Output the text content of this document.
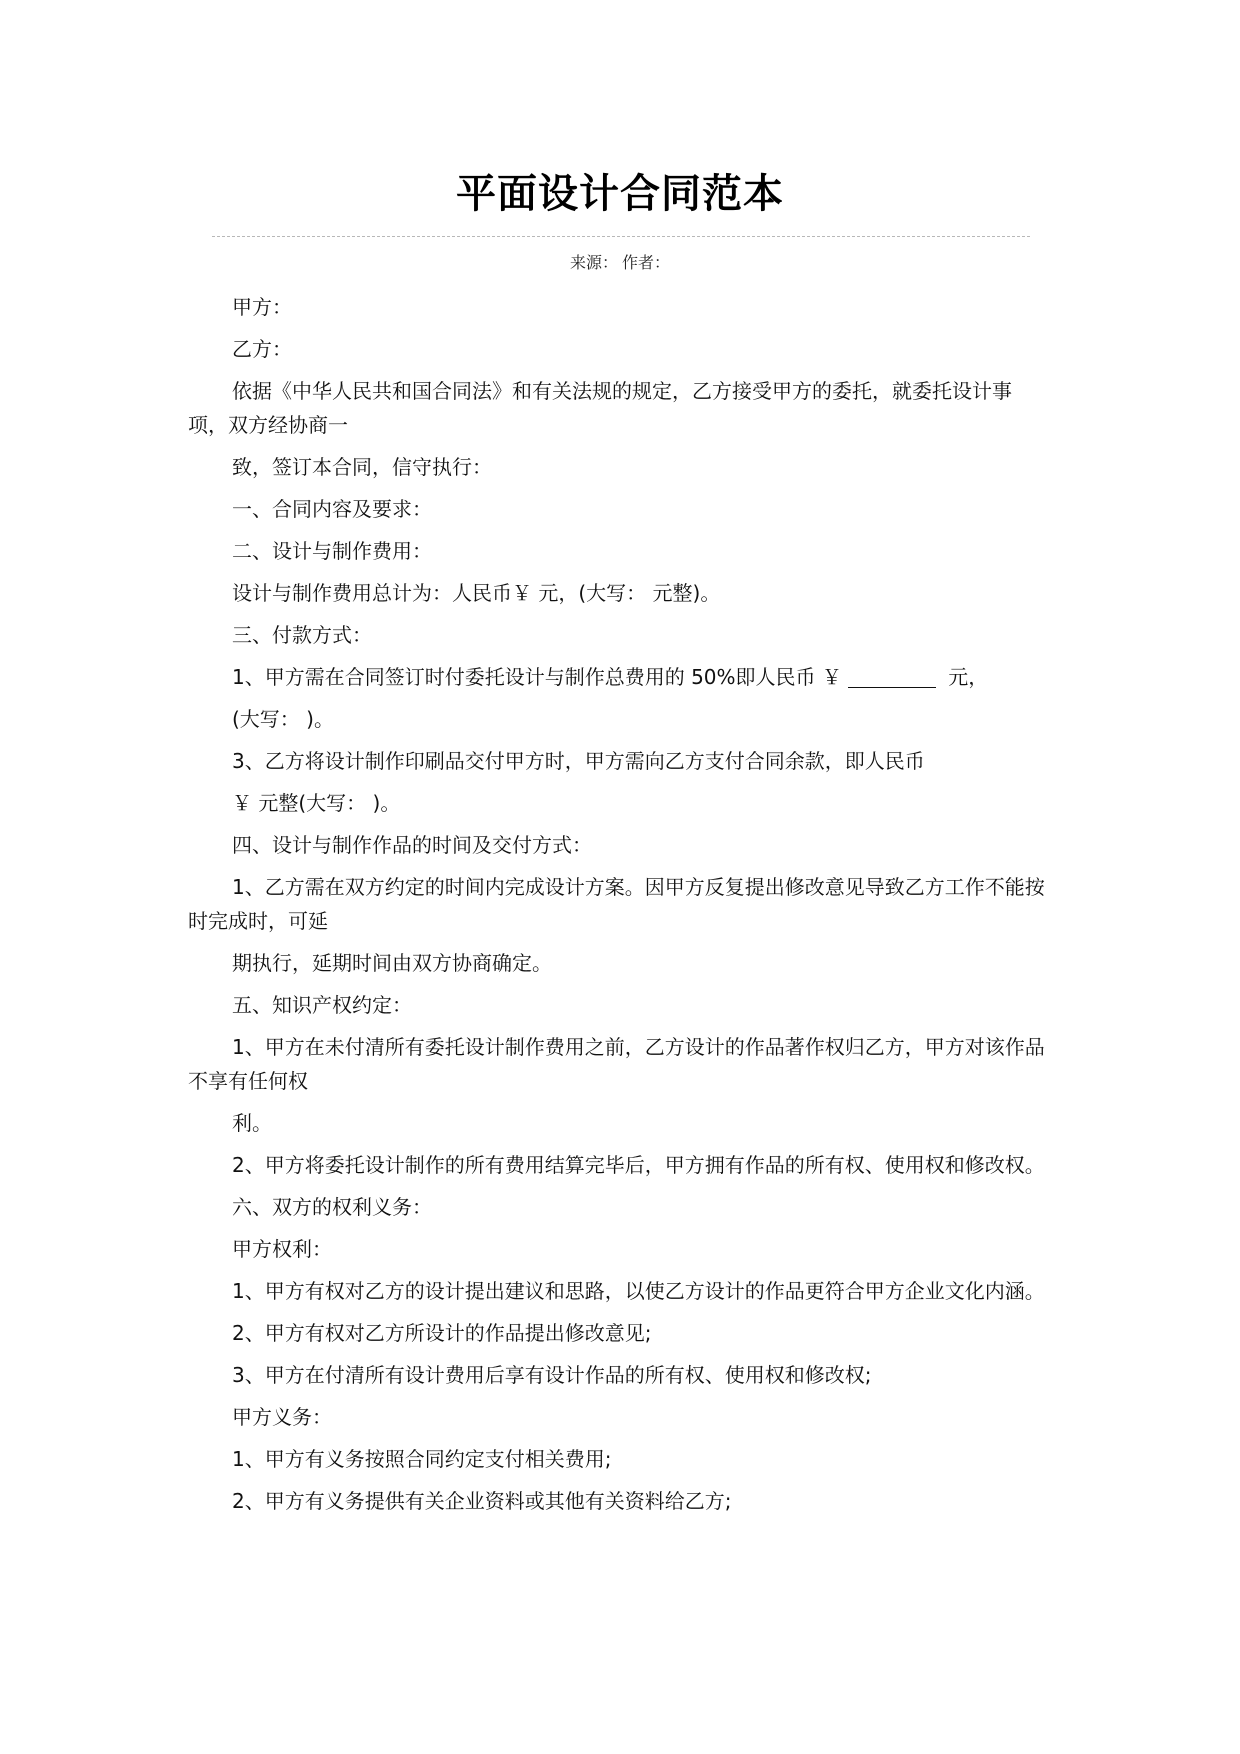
平面设计合同范本
来源： 作者：

甲方：

乙方：

依据《中华人民共和国合同法》和有关法规的规定，乙方接受甲方的委托，就委托设计事项，双方经协商一

致，签订本合同，信守执行：

一、合同内容及要求：

二、设计与制作费用：

设计与制作费用总计为：人民币￥ 元，(大写： 元整)。

三、付款方式：

1、甲方需在合同签订时付委托设计与制作总费用的 50%即人民币 ￥	元，

(大写： )。

3、乙方将设计制作印刷品交付甲方时，甲方需向乙方支付合同余款，即人民币

￥ 元整(大写： )。

四、设计与制作作品的时间及交付方式：

1、乙方需在双方约定的时间内完成设计方案。因甲方反复提出修改意见导致乙方工作不能按时完成时，可延

期执行，延期时间由双方协商确定。

五、知识产权约定：

1、甲方在未付清所有委托设计制作费用之前，乙方设计的作品著作权归乙方，甲方对该作品不享有任何权

利。

2、甲方将委托设计制作的所有费用结算完毕后，甲方拥有作品的所有权、使用权和修改权。

六、双方的权利义务：

甲方权利：

1、甲方有权对乙方的设计提出建议和思路，以使乙方设计的作品更符合甲方企业文化内涵。

2、甲方有权对乙方所设计的作品提出修改意见;

3、甲方在付清所有设计费用后享有设计作品的所有权、使用权和修改权;

甲方义务：

1、甲方有义务按照合同约定支付相关费用;

2、甲方有义务提供有关企业资料或其他有关资料给乙方;
